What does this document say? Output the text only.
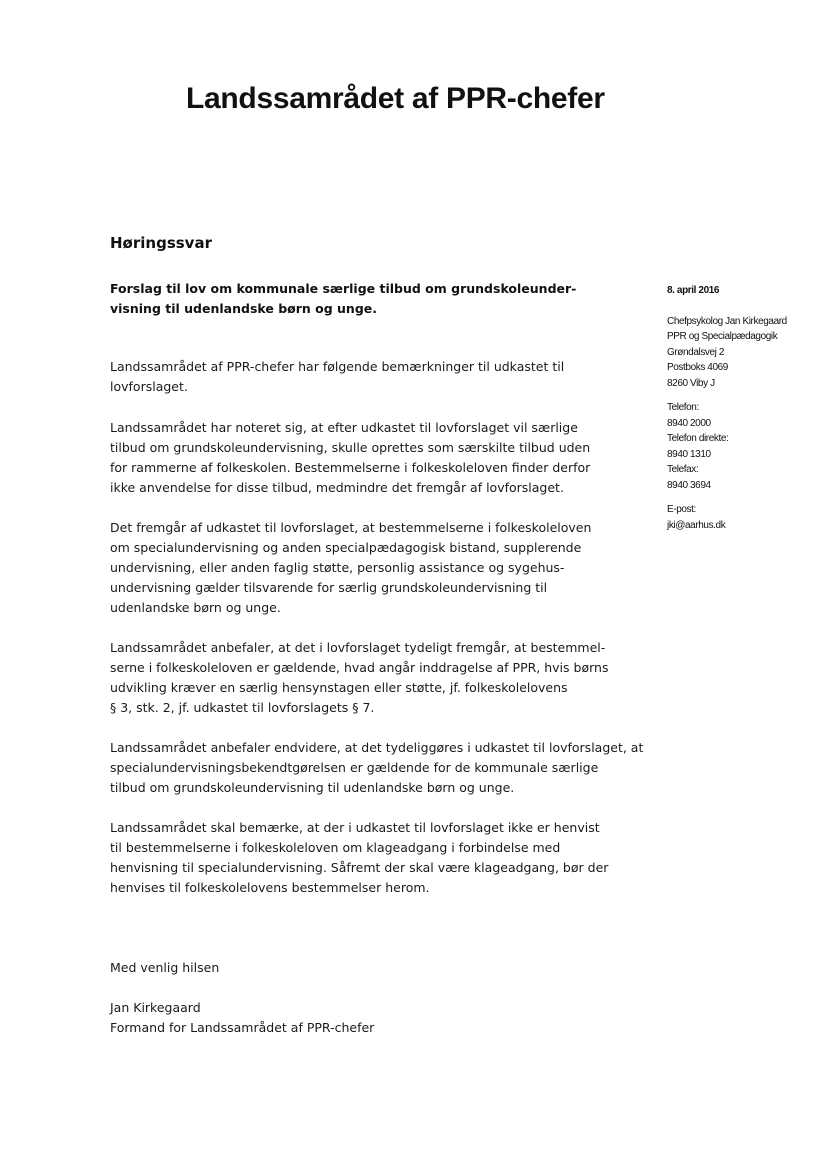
Landssamrådet af PPR-chefer
Høringssvar
Forslag til lov om kommunale særlige tilbud om grundskoleunder-
visning til udenlandske børn og unge.
8. april 2016
Chefpsykolog Jan Kirkegaard
PPR og Specialpædagogik
Grøndalsvej 2
Postboks 4069
8260 Viby J
Telefon:
8940 2000
Telefon direkte:
8940 1310
Telefax:
8940 3694
E-post:
jki@aarhus.dk
Landssamrådet af PPR-chefer har følgende bemærkninger til udkastet til
lovforslaget.
Landssamrådet har noteret sig, at efter udkastet til lovforslaget vil særlige
tilbud om grundskoleundervisning, skulle oprettes som særskilte tilbud uden
for rammerne af folkeskolen. Bestemmelserne i folkeskoleloven finder derfor
ikke anvendelse for disse tilbud, medmindre det fremgår af lovforslaget.
Det fremgår af udkastet til lovforslaget, at bestemmelserne i folkeskoleloven
om specialundervisning og anden specialpædagogisk bistand, supplerende
undervisning, eller anden faglig støtte, personlig assistance og sygehus-
undervisning gælder tilsvarende for særlig grundskoleundervisning til
udenlandske børn og unge.
Landssamrådet anbefaler, at det i lovforslaget tydeligt fremgår, at bestemmel-
serne i folkeskoleloven er gældende, hvad angår inddragelse af PPR, hvis børns
udvikling kræver en særlig hensynstagen eller støtte, jf. folkeskolelovens
§ 3, stk. 2, jf. udkastet til lovforslagets § 7.
Landssamrådet anbefaler endvidere, at det tydeliggøres i udkastet til lovforslaget, at
specialundervisningsbekendtgørelsen er gældende for de kommunale særlige
tilbud om grundskoleundervisning til udenlandske børn og unge.
Landssamrådet skal bemærke, at der i udkastet til lovforslaget ikke er henvist
til bestemmelserne i folkeskoleloven om klageadgang i forbindelse med
henvisning til specialundervisning. Såfremt der skal være klageadgang, bør der
henvises til folkeskolelovens bestemmelser herom.
Med venlig hilsen
Jan Kirkegaard
Formand for Landssamrådet af PPR-chefer
